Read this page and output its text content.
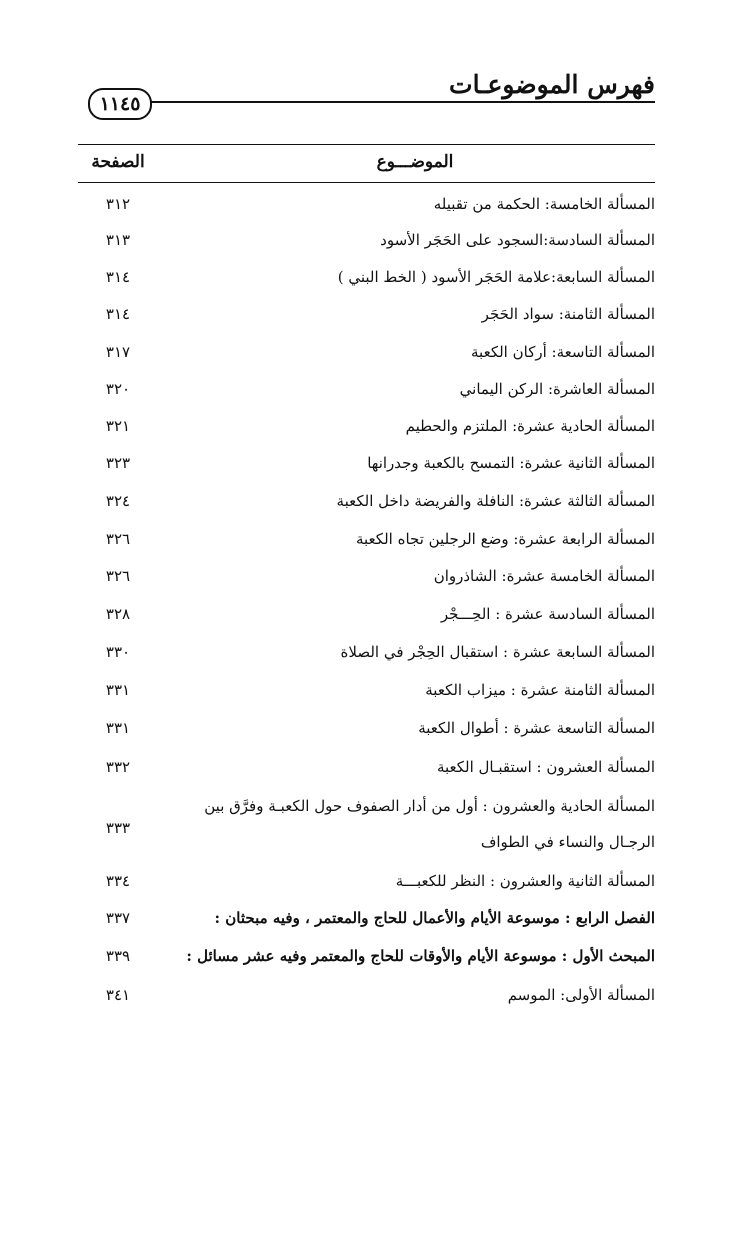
فهرس الموضوعـات
١١٤٥
الموضـــوع
الصفحة
المسألة الخامسة: الحكمة من تقبيله
٣١٢
المسألة السادسة:السجود على الحَجَر الأسود
٣١٣
المسألة السابعة:علامة الحَجَر الأسود ( الخط البني )
٣١٤
المسألة الثامنة: سواد الحَجَر
٣١٤
المسألة التاسعة: أركان الكعبة
٣١٧
المسألة العاشرة: الركن اليماني
٣٢٠
المسألة الحادية عشرة: الملتزم والحطيم
٣٢١
المسألة الثانية عشرة: التمسح بالكعبة وجدرانها
٣٢٣
المسألة الثالثة عشرة: النافلة والفريضة داخل الكعبة
٣٢٤
المسألة الرابعة عشرة: وضع الرجلين تجاه الكعبة
٣٢٦
المسألة الخامسة عشرة: الشاذروان
٣٢٦
المسألة السادسة عشرة : الحِـــجْر
٣٢٨
المسألة السابعة عشرة : استقبال الحِجْر في الصلاة
٣٣٠
المسألة الثامنة عشرة : ميزاب الكعبة
٣٣١
المسألة التاسعة عشرة : أطوال الكعبة
٣٣١
المسألة العشرون : استقبـال الكعبة
٣٣٢
المسألة الحادية والعشرون : أول من أدار الصفوف حول الكعبـة وفرَّق بين الرجـال والنساء في الطواف
٣٣٣
المسألة الثانية والعشرون : النظر للكعبـــة
٣٣٤
الفصل الرابع : موسوعة الأيام والأعمال للحاج والمعتمر ، وفيه مبحثان :
٣٣٧
المبحث الأول : موسوعة الأيام والأوقات للحاج والمعتمر وفيه عشر مسائل :
٣٣٩
المسألة الأولى: الموسم
٣٤١
